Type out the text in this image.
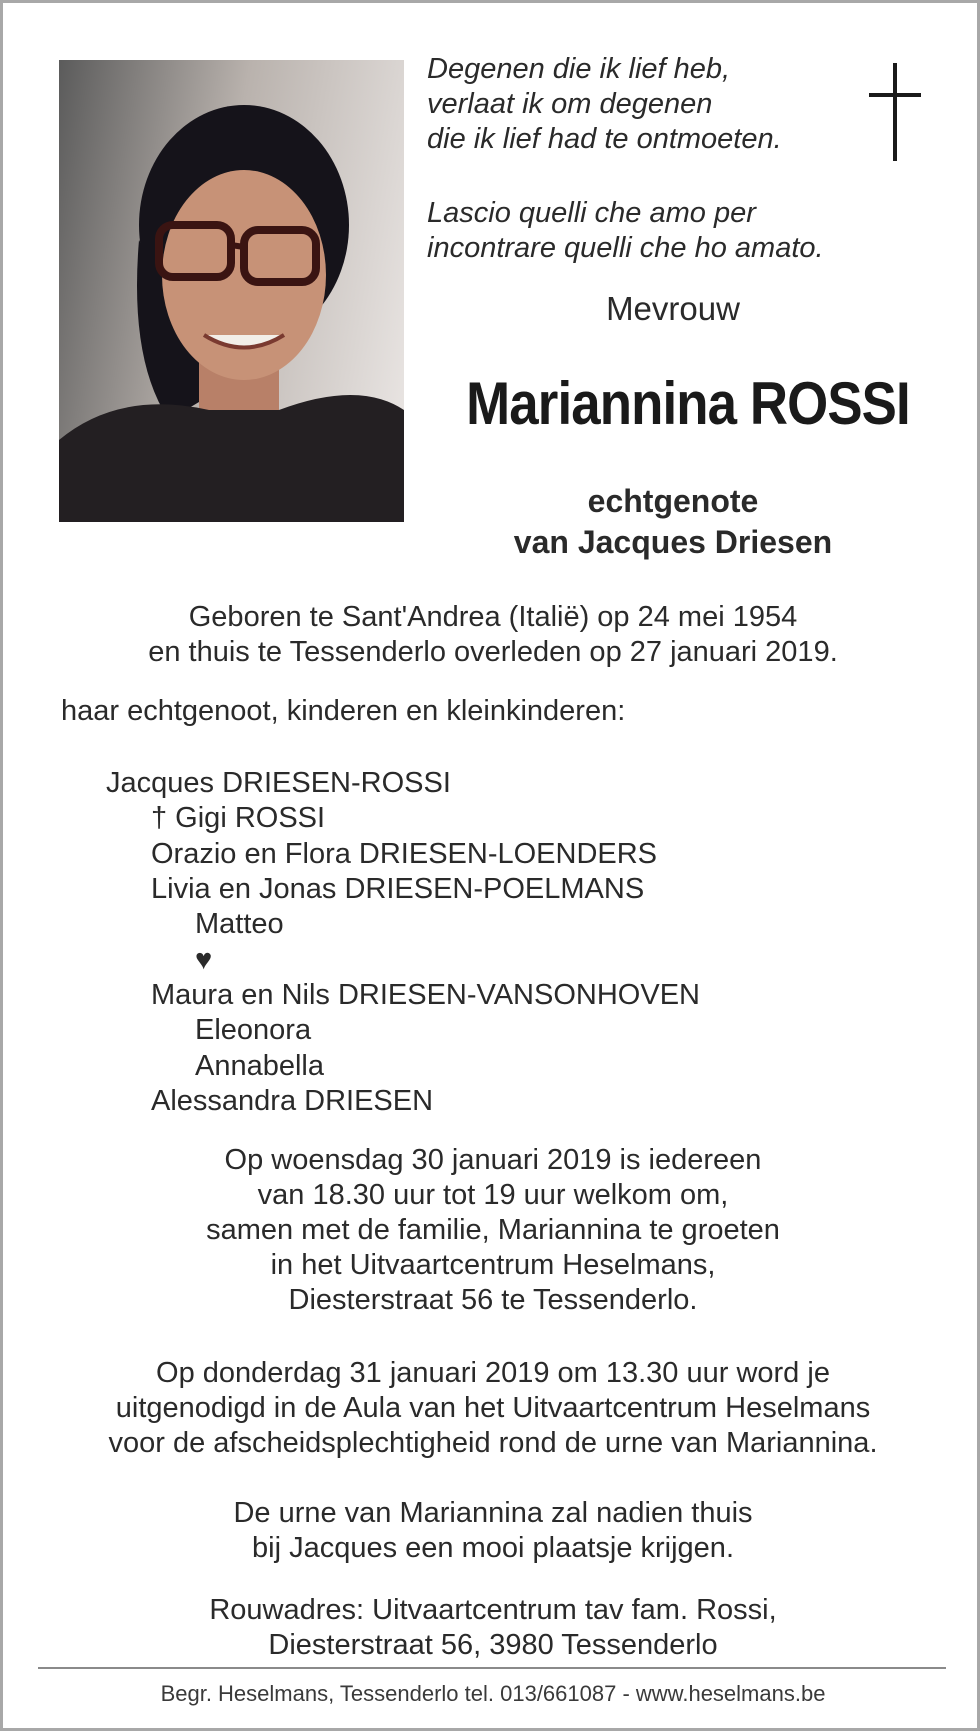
Degenen die ik lief heb,
verlaat ik om degenen
die ik lief had te ontmoeten.
Lascio quelli che amo per
incontrare quelli che ho amato.
Mevrouw
Mariannina ROSSI
echtgenote
van Jacques Driesen
Geboren te Sant'Andrea (Italië) op 24 mei 1954
en thuis te Tessenderlo overleden op 27 januari 2019.
haar echtgenoot, kinderen en kleinkinderen:
Jacques DRIESEN-ROSSI
† Gigi ROSSI
Orazio en Flora DRIESEN-LOENDERS
Livia en Jonas DRIESEN-POELMANS
Matteo
♥
Maura en Nils DRIESEN-VANSONHOVEN
Eleonora
Annabella
Alessandra DRIESEN
Op woensdag 30 januari 2019 is iedereen
van 18.30 uur tot 19 uur welkom om,
samen met de familie, Mariannina te groeten
in het Uitvaartcentrum Heselmans,
Diesterstraat 56 te Tessenderlo.
Op donderdag 31 januari 2019 om 13.30 uur word je
uitgenodigd in de Aula van het Uitvaartcentrum Heselmans
voor de afscheidsplechtigheid rond de urne van Mariannina.
De urne van Mariannina zal nadien thuis
bij Jacques een mooi plaatsje krijgen.
Rouwadres: Uitvaartcentrum tav fam. Rossi,
Diesterstraat 56, 3980 Tessenderlo
Begr. Heselmans, Tessenderlo tel. 013/661087 - www.heselmans.be
